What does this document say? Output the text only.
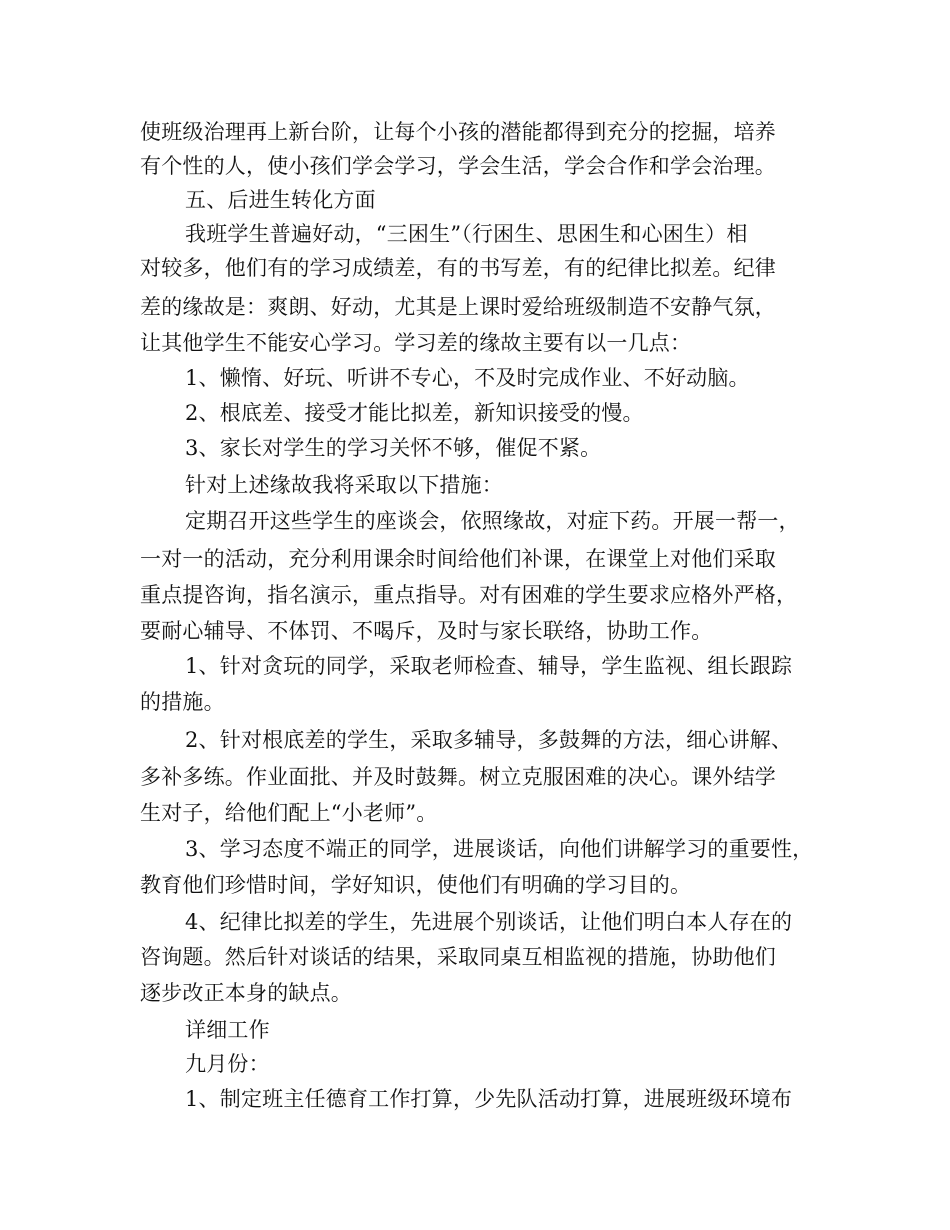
使班级治理再上新台阶，让每个小孩的潜能都得到充分的挖掘，培养
有个性的人，使小孩们学会学习，学会生活，学会合作和学会治理。
五、后进生转化方面
我班学生普遍好动，“三困生”（行困生、思困生和心困生）相
对较多，他们有的学习成绩差，有的书写差，有的纪律比拟差。纪律
差的缘故是：爽朗、好动，尤其是上课时爱给班级制造不安静气氛，
让其他学生不能安心学习。学习差的缘故主要有以一几点：
1、懒惰、好玩、听讲不专心，不及时完成作业、不好动脑。
2、根底差、接受才能比拟差，新知识接受的慢。
3、家长对学生的学习关怀不够，催促不紧。
针对上述缘故我将采取以下措施：
定期召开这些学生的座谈会，依照缘故，对症下药。开展一帮一，
一对一的活动，充分利用课余时间给他们补课，在课堂上对他们采取
重点提咨询，指名演示，重点指导。对有困难的学生要求应格外严格，
要耐心辅导、不体罚、不喝斥，及时与家长联络，协助工作。
1、针对贪玩的同学，采取老师检查、辅导，学生监视、组长跟踪
的措施。
2、针对根底差的学生，采取多辅导，多鼓舞的方法，细心讲解、
多补多练。作业面批、并及时鼓舞。树立克服困难的决心。课外结学
生对子，给他们配上“小老师”。
3、学习态度不端正的同学，进展谈话，向他们讲解学习的重要性，
教育他们珍惜时间，学好知识，使他们有明确的学习目的。
4、纪律比拟差的学生，先进展个别谈话，让他们明白本人存在的
咨询题。然后针对谈话的结果，采取同桌互相监视的措施，协助他们
逐步改正本身的缺点。
详细工作
九月份：
1、制定班主任德育工作打算，少先队活动打算，进展班级环境布
